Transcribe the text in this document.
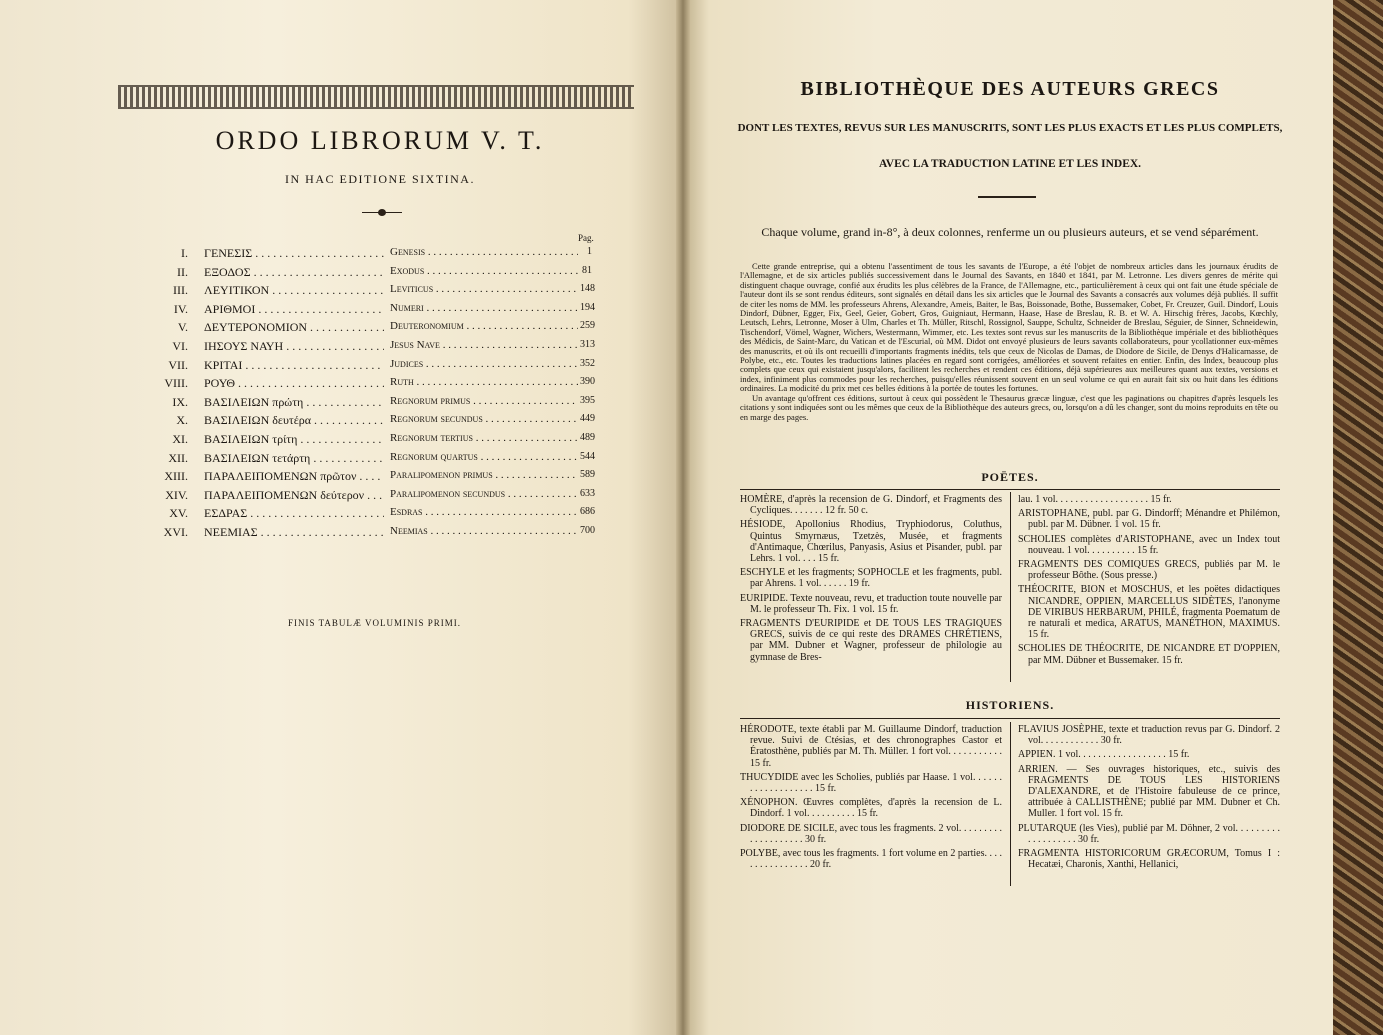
ORDO LIBRORUM V. T.
IN HAC EDITIONE SIXTINA.
Pag.
I. ΓΕΝΕΣΙΣ . . .	Genesis . . .	1
II. ΕΞΟΔΟΣ . . .	Exodus . . .	81
III. ΛΕΥΙΤΙΚΟΝ . . .	Leviticus . . .	148
IV. ΑΡΙΘΜΟΙ . . .	Numeri . . .	194
V. ΔΕΥΤΕΡΟΝΟΜΙΟΝ . . .	Deuteronomium . . .	259
VI. ΙΗΣΟΥΣ ΝΑΥΗ . . .	Jesus Nave . . .	313
VII. ΚΡΙΤΑΙ . . .	Judices . . .	352
VIII. ΡΟΥΘ . . .	Ruth . . .	390
IX. ΒΑΣΙΛΕΙΩΝ πρώτη . . .	Regnorum primus . . .	395
X. ΒΑΣΙΛΕΙΩΝ δευτέρα . . .	Regnorum secundus . . .	449
XI. ΒΑΣΙΛΕΙΩΝ τρίτη . . .	Regnorum tertius . . .	489
XII. ΒΑΣΙΛΕΙΩΝ τετάρτη . . .	Regnorum quartus . . .	544
XIII. ΠΑΡΑΛΕΙΠΟΜΕΝΩΝ πρῶτον . . .	Paralipomenon primus . . .	589
XIV. ΠΑΡΑΛΕΙΠΟΜΕΝΩΝ δεύτερον . . .	Paralipomenon secundus . . .	633
XV. ΕΣΔΡΑΣ . . .	Esdras . . .	686
XVI. ΝΕΕΜΙΑΣ . . .	Neemias . . .	700
FINIS TABULÆ VOLUMINIS PRIMI.
BIBLIOTHÈQUE DES AUTEURS GRECS
DONT LES TEXTES, REVUS SUR LES MANUSCRITS, SONT LES PLUS EXACTS ET LES PLUS COMPLETS,
AVEC LA TRADUCTION LATINE ET LES INDEX.
Chaque volume, grand in-8°, à deux colonnes, renferme un ou plusieurs auteurs, et se vend séparément.

Cette grande entreprise, qui a obtenu l'assentiment de tous les savants de l'Europe, a été l'objet de nombreux articles dans les journaux érudits de l'Allemagne, et de six articles publiés successivement dans le Journal des Savants, en 1840 et 1841, par M. Letronne. Les divers genres de mérite qui distinguent chaque ouvrage, confié aux érudits les plus célèbres de la France, de l'Allemagne, etc., particulièrement à ceux qui ont fait une étude spéciale de l'auteur dont ils se sont rendus éditeurs, sont signalés en détail dans les six articles que le Journal des Savants a consacrés aux volumes déjà publiés. Il suffit de citer les noms de MM. les professeurs Ahrens, Alexandre, Ameis, Baiter, le Bas, Boissonade, Bothe, Bussemaker, Cobet, Fr. Creuzer, Guil. Dindorf, Louis Dindorf, Dübner, Egger, Fix, Geel, Geier, Gobert, Gros, Guigniaut, Hermann, Haase, Hase de Breslau, R. B. et W. A. Hirschig frères, Jacobs, Kœchly, Leutsch, Lehrs, Letronne, Moser à Ulm, Charles et Th. Müller, Ritschl, Rossignol, Sauppe, Schultz, Schneider de Breslau, Séguier, de Sinner, Schneidewin, Tischendorf, Vömel, Wagner, Wichers, Westermann, Wimmer, etc. Les textes sont revus sur les manuscrits de la Bibliothèque impériale et des bibliothèques des Médicis, de Saint-Marc, du Vatican et de l'Escurial, où MM. Didot ont envoyé plusieurs de leurs savants collaborateurs, pour ycollationner eux-mêmes des manuscrits, et où ils ont recueilli d'importants fragments inédits, tels que ceux de Nicolas de Damas, de Diodore de Sicile, de Denys d'Halicarnasse, de Polybe, etc., etc. Toutes les traductions latines placées en regard sont corrigées, améliorées et souvent refaites en entier. Enfin, des Index, beaucoup plus complets que ceux qui existaient jusqu'alors, facilitent les recherches et rendent ces éditions, déjà supérieures aux meilleures quant aux textes, versions et index, infiniment plus commodes pour les recherches, puisqu'elles réunissent souvent en un seul volume ce qui en aurait fait six ou huit dans les éditions ordinaires. La modicité du prix met ces belles éditions à la portée de toutes les fortunes.

Un avantage qu'offrent ces éditions, surtout à ceux qui possèdent le Thesaurus græcæ linguæ, c'est que les paginations ou chapitres d'après lesquels les citations y sont indiquées sont ou les mêmes que ceux de la Bibliothèque des auteurs grecs, ou, lorsqu'on a dû les changer, sont du moins reproduits en tête ou en marge des pages.

POËTES.

HOMÈRE, d'après la recension de G. Dindorf, et Fragments des Cycliques. . . . . . . 12 fr. 50 c.

HÉSIODE, Apollonius Rhodius, Tryphiodorus, Coluthus, Quintus Smyrnæus, Tzetzès, Musée, et fragments d'Antimaque, Chœrilus, Panyasis, Asius et Pisander, publ. par Lehrs. 1 vol. . . . 15 fr.

ESCHYLE et les fragments; SOPHOCLE et les fragments, publ. par Ahrens. 1 vol. . . . . . 19 fr.

EURIPIDE. Texte nouveau, revu, et traduction toute nouvelle par M. le professeur Th. Fix. 1 vol. 15 fr.

FRAGMENTS D'EURIPIDE et DE TOUS LES TRAGIQUES GRECS, suivis de ce qui reste des DRAMES CHRÉTIENS, par MM. Dubner et Wagner, professeur de philologie au gymnase de Bres-

lau. 1 vol. . . . . . . . . . . . . . . . . . . 15 fr.

ARISTOPHANE, publ. par G. Dindorff; Ménandre et Philémon, publ. par M. Dübner. 1 vol. 15 fr.

SCHOLIES complètes d'ARISTOPHANE, avec un Index tout nouveau. 1 vol. . . . . . . . . . 15 fr.

FRAGMENTS DES COMIQUES GRECS, publiés par M. le professeur Bôthe. (Sous presse.)

THÉOCRITE, BION et MOSCHUS, et les poëtes didactiques NICANDRE, OPPIEN, MARCELLUS SIDÈTES, l'anonyme DE VIRIBUS HERBARUM, PHILÉ, fragmenta Poematum de re naturali et medica, ARATUS, MANÉTHON, MAXIMUS. 15 fr.

SCHOLIES DE THÉOCRITE, DE NICANDRE ET D'OPPIEN, par MM. Dübner et Bussemaker. 15 fr.

HISTORIENS.

HÉRODOTE, texte établi par M. Guillaume Dindorf, traduction revue. Suivi de Ctésias, et des chronographes Castor et Ératosthène, publiés par M. Th. Müller. 1 fort vol. . . . . . . . . . . 15 fr.

THUCYDIDE avec les Scholies, publiés par Haase. 1 vol. . . . . . . . . . . . . . . . . . . 15 fr.

XÉNOPHON. Œuvres complètes, d'après la recension de L. Dindorf. 1 vol. . . . . . . . . . 15 fr.

DIODORE DE SICILE, avec tous les fragments. 2 vol. . . . . . . . . . . . . . . . . . . . 30 fr.

POLYBE, avec tous les fragments. 1 fort volume en 2 parties. . . . . . . . . . . . . . . . 20 fr.

FLAVIUS JOSÈPHE, texte et traduction revus par G. Dindorf. 2 vol. . . . . . . . . . . . 30 fr.

APPIEN. 1 vol. . . . . . . . . . . . . . . . . . 15 fr.

ARRIEN. — Ses ouvrages historiques, etc., suivis des FRAGMENTS DE TOUS LES HISTORIENS D'ALEXANDRE, et de l'Histoire fabuleuse de ce prince, attribuée à CALLISTHÈNE; publié par MM. Dubner et Ch. Muller. 1 fort vol. 15 fr.

PLUTARQUE (les Vies), publié par M. Döhner, 2 vol. . . . . . . . . . . . . . . . . . . 30 fr.

FRAGMENTA HISTORICORUM GRÆCORUM, Tomus I : Hecatæi, Charonis, Xanthi, Hellanici,
